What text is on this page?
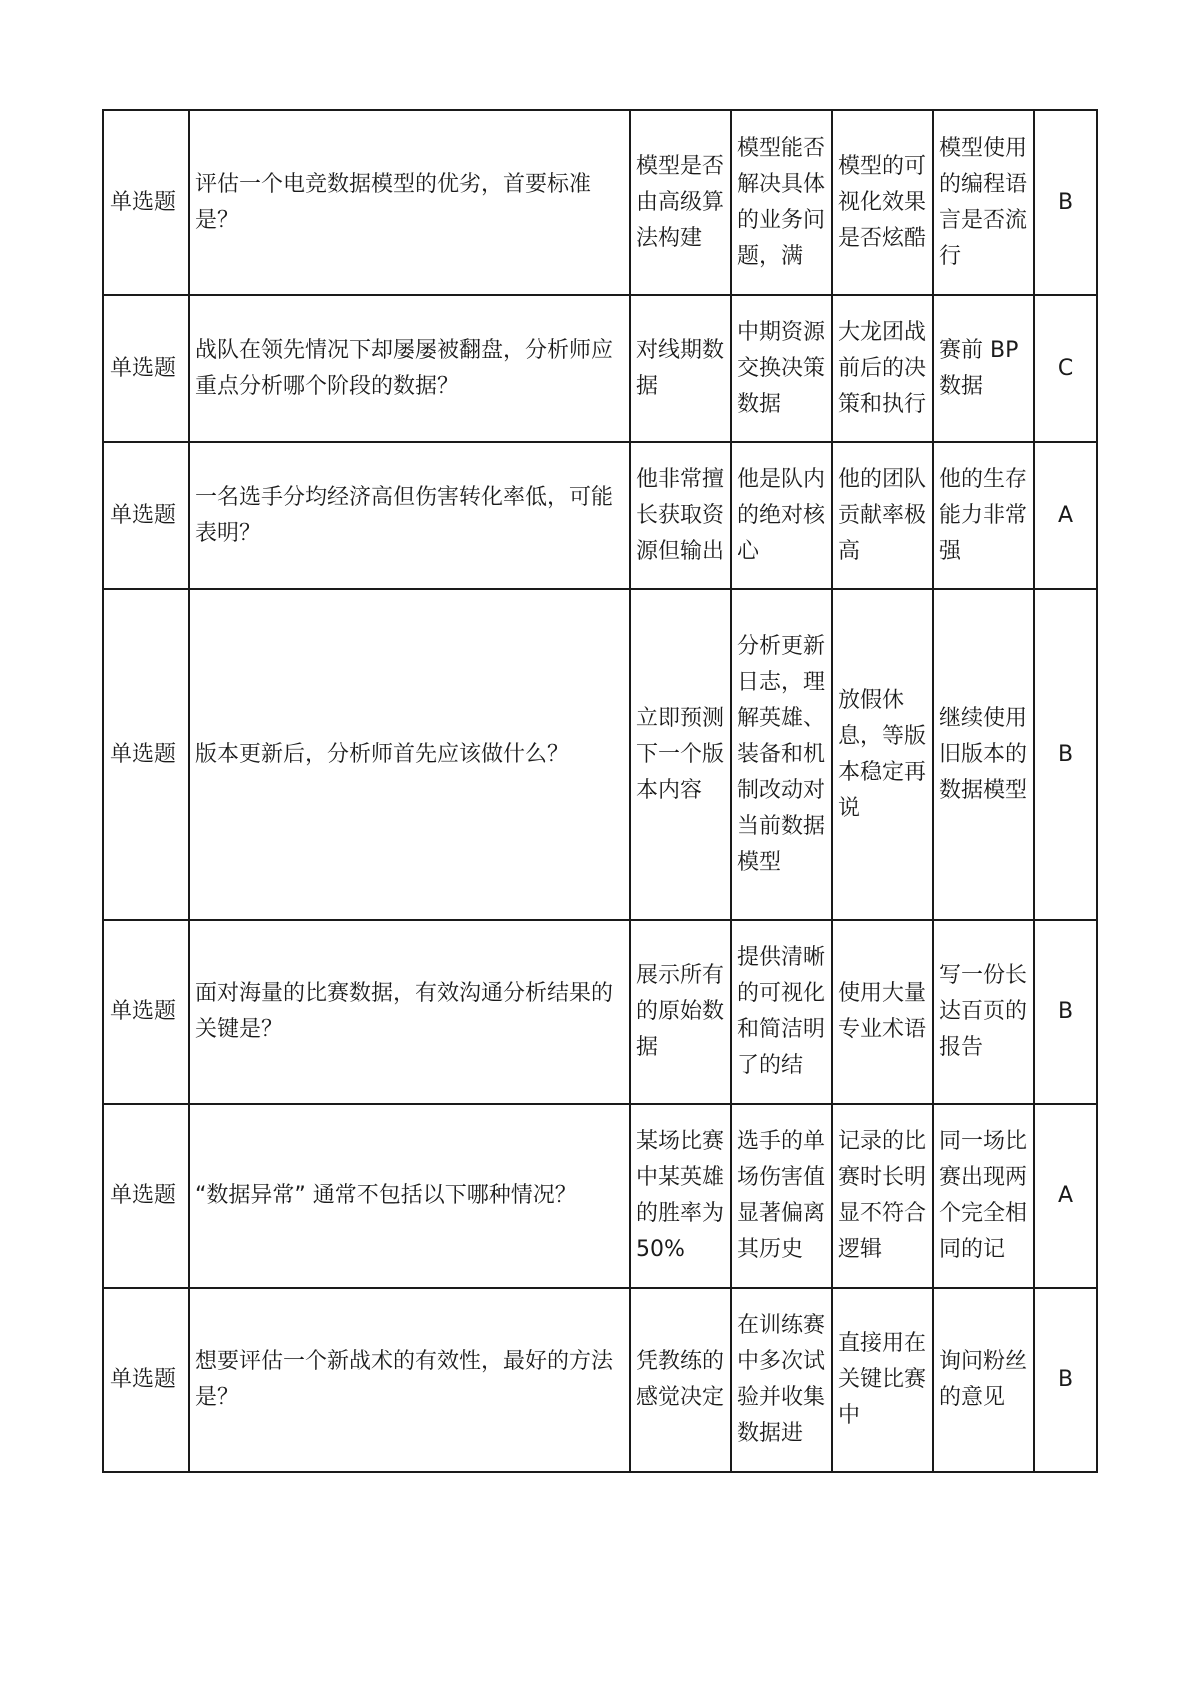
单选题	评估一个电竞数据模型的优劣，首要标准是？	模型是否由高级算法构建	模型能否解决具体的业务问题，满	模型的可视化效果是否炫酷	模型使用的编程语言是否流行	B
单选题	战队在领先情况下却屡屡被翻盘，分析师应重点分析哪个阶段的数据？	对线期数据	中期资源交换决策数据	大龙团战前后的决策和执行	赛前 BP 数据	C
单选题	一名选手分均经济高但伤害转化率低，可能表明？	他非常擅长获取资源但输出	他是队内的绝对核心	他的团队贡献率极高	他的生存能力非常强	A
单选题	版本更新后，分析师首先应该做什么？	立即预测下一个版本内容	分析更新日志，理解英雄、装备和机制改动对当前数据模型	放假休息，等版本稳定再说	继续使用旧版本的数据模型	B
单选题	面对海量的比赛数据，有效沟通分析结果的关键是？	展示所有的原始数据	提供清晰的可视化和简洁明了的结	使用大量专业术语	写一份长达百页的报告	B
单选题	“数据异常” 通常不包括以下哪种情况？	某场比赛中某英雄的胜率为50%	选手的单场伤害值显著偏离其历史	记录的比赛时长明显不符合逻辑	同一场比赛出现两个完全相同的记	A
单选题	想要评估一个新战术的有效性，最好的方法是？	凭教练的感觉决定	在训练赛中多次试验并收集数据进	直接用在关键比赛中	询问粉丝的意见	B
